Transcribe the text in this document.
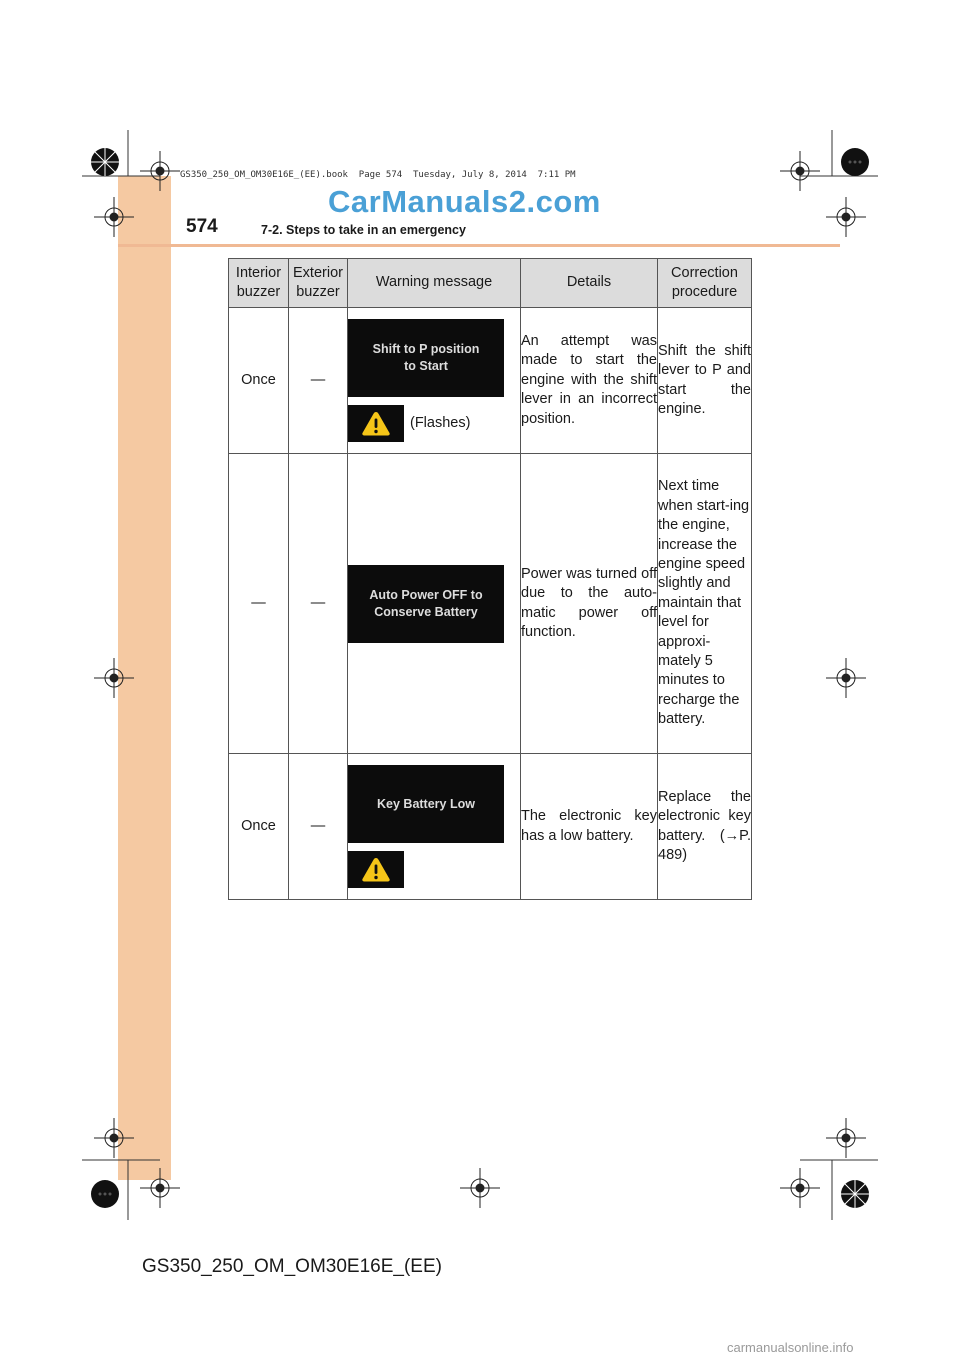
GS350_250_OM_OM30E16E_(EE).book  Page 574  Tuesday, July 8, 2014  7:11 PM
CarManuals2.com
574	7-2. Steps to take in an emergency
Interior buzzer	Exterior buzzer	Warning message	Details	Correction procedure
Once	—	Shift to P position
to Start
(Flashes)	An attempt was made to start the engine with the shift lever in an incorrect position.	Shift the shift lever to P and start the engine.
—	—	Auto Power OFF to
Conserve Battery	Power was turned off due to the auto-matic power off function.	Next time when start-ing the engine, increase the engine speed slightly and maintain that level for approxi-mately 5 minutes to recharge the battery.
Once	—	Key Battery Low	The electronic key has a low battery.	Replace the electronic key battery. (→P. 489)
GS350_250_OM_OM30E16E_(EE)
carmanualsonline.info
